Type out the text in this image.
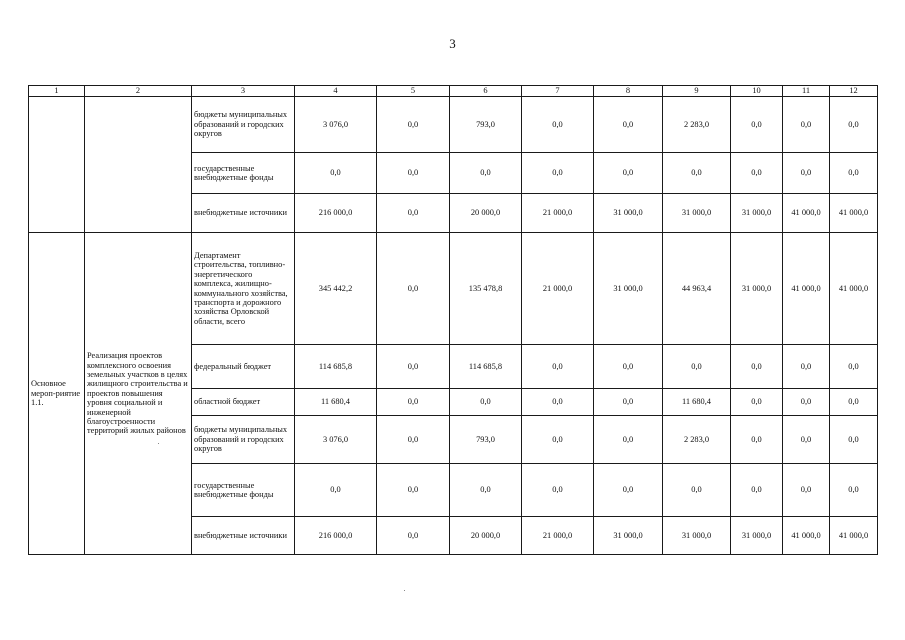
3
1	2	3	4	5	6	7	8	9	10	11	12
		бюджеты муниципальных образований и городских округов	3 076,0	0,0	793,0	0,0	0,0	2 283,0	0,0	0,0	0,0
		государственные внебюджетные фонды	0,0	0,0	0,0	0,0	0,0	0,0	0,0	0,0	0,0
		внебюджетные источники	216 000,0	0,0	20 000,0	21 000,0	31 000,0	31 000,0	31 000,0	41 000,0	41 000,0
Основное мероп-риятие 1.1.	Реализация проектов комплексного освоения земельных участков в целях жилищного строительства и проектов повышения уровня социальной и инженерной благоустроенности территорий жилых районов	Департамент строительства, топливно-энергетического комплекса, жилищно-коммунального хозяйства, транспорта и дорожного хозяйства Орловской области, всего	345 442,2	0,0	135 478,8	21 000,0	31 000,0	44 963,4	31 000,0	41 000,0	41 000,0
		федеральный бюджет	114 685,8	0,0	114 685,8	0,0	0,0	0,0	0,0	0,0	0,0
		областной бюджет	11 680,4	0,0	0,0	0,0	0,0	11 680,4	0,0	0,0	0,0
		бюджеты муниципальных образований и городских округов	3 076,0	0,0	793,0	0,0	0,0	2 283,0	0,0	0,0	0,0
		государственные внебюджетные фонды	0,0	0,0	0,0	0,0	0,0	0,0	0,0	0,0	0,0
		внебюджетные источники	216 000,0	0,0	20 000,0	21 000,0	31 000,0	31 000,0	31 000,0	41 000,0	41 000,0
